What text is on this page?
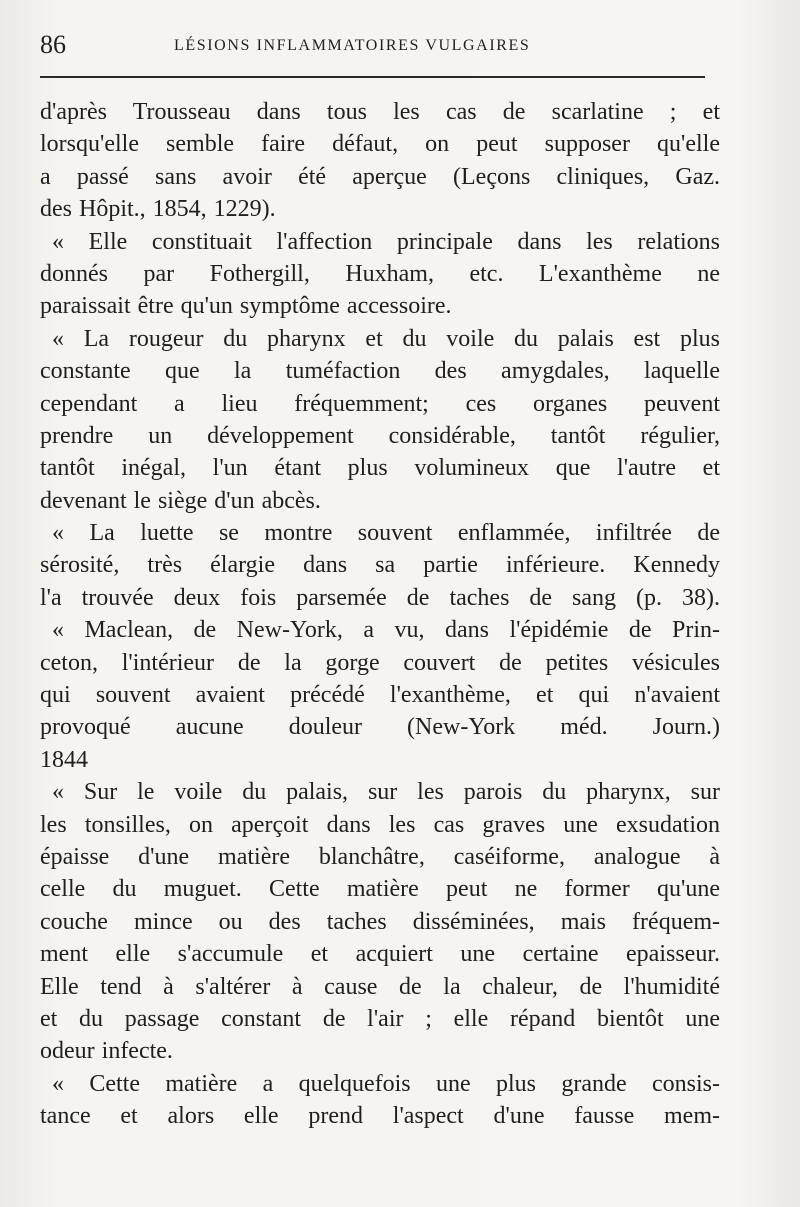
86	LÉSIONS INFLAMMATOIRES VULGAIRES
d'après Trousseau dans tous les cas de scarlatine ; et
lorsqu'elle semble faire défaut, on peut supposer qu'elle
a passé sans avoir été aperçue (Leçons cliniques, Gaz.
des Hôpit., 1854, 1229).
« Elle constituait l'affection principale dans les relations
donnés par Fothergill, Huxham, etc. L'exanthème ne
paraissait être qu'un symptôme accessoire.
« La rougeur du pharynx et du voile du palais est plus
constante que la tuméfaction des amygdales, laquelle
cependant a lieu fréquemment; ces organes peuvent
prendre un développement considérable, tantôt régulier,
tantôt inégal, l'un étant plus volumineux que l'autre et
devenant le siège d'un abcès.
« La luette se montre souvent enflammée, infiltrée de
sérosité, très élargie dans sa partie inférieure. Kennedy
l'a trouvée deux fois parsemée de taches de sang (p. 38).
« Maclean, de New-York, a vu, dans l'épidémie de Prin-
ceton, l'intérieur de la gorge couvert de petites vésicules
qui souvent avaient précédé l'exanthème, et qui n'avaient
provoqué aucune douleur (New-York méd. Journ.)
1844
« Sur le voile du palais, sur les parois du pharynx, sur
les tonsilles, on aperçoit dans les cas graves une exsudation
épaisse d'une matière blanchâtre, caséiforme, analogue à
celle du muguet. Cette matière peut ne former qu'une
couche mince ou des taches disséminées, mais fréquem-
ment elle s'accumule et acquiert une certaine epaisseur.
Elle tend à s'altérer à cause de la chaleur, de l'humidité
et du passage constant de l'air ; elle répand bientôt une
odeur infecte.
« Cette matière a quelquefois une plus grande consis-
tance et alors elle prend l'aspect d'une fausse mem-
